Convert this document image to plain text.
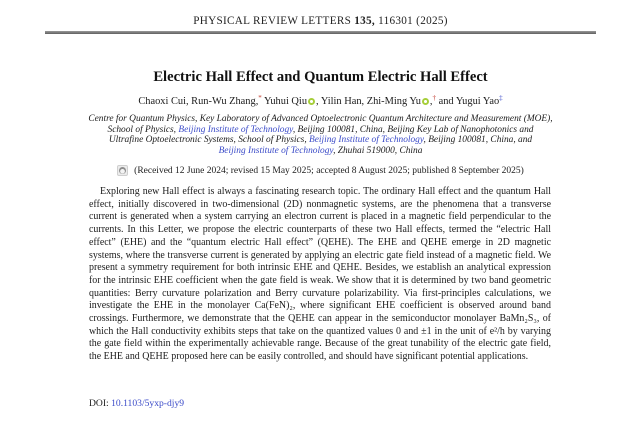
PHYSICAL REVIEW LETTERS 135, 116301 (2025)
Electric Hall Effect and Quantum Electric Hall Effect
Chaoxi Cui, Run-Wu Zhang,* Yuhui Qiu , Yilin Han, Zhi-Ming Yu ,† and Yugui Yao‡
Centre for Quantum Physics, Key Laboratory of Advanced Optoelectronic Quantum Architecture and Measurement (MOE),
School of Physics, Beijing Institute of Technology, Beijing 100081, China, Beijing Key Lab of Nanophotonics and
Ultrafine Optoelectronic Systems, School of Physics, Beijing Institute of Technology, Beijing 100081, China, and
Beijing Institute of Technology, Zhuhai 519000, China
(Received 12 June 2024; revised 15 May 2025; accepted 8 August 2025; published 8 September 2025)
Exploring new Hall effect is always a fascinating research topic. The ordinary Hall effect and the quantum Hall effect, initially discovered in two-dimensional (2D) nonmagnetic systems, are the phenomena that a transverse current is generated when a system carrying an electron current is placed in a magnetic field perpendicular to the currents. In this Letter, we propose the electric counterparts of these two Hall effects, termed the “electric Hall effect” (EHE) and the “quantum electric Hall effect” (QEHE). The EHE and QEHE emerge in 2D magnetic systems, where the transverse current is generated by applying an electric gate field instead of a magnetic field. We present a symmetry requirement for both intrinsic EHE and QEHE. Besides, we establish an analytical expression for the intrinsic EHE coefficient when the gate field is weak. We show that it is determined by two band geometric quantities: Berry curvature polarization and Berry curvature polarizability. Via first-principles calculations, we investigate the EHE in the monolayer Ca(FeN)₂, where significant EHE coefficient is observed around band crossings. Furthermore, we demonstrate that the QEHE can appear in the semiconductor monolayer BaMn₂S₃, of which the Hall conductivity exhibits steps that take on the quantized values 0 and ±1 in the unit of e²/h by varying the gate field within the experimentally achievable range. Because of the great tunability of the electric gate field, the EHE and QEHE proposed here can be easily controlled, and should have significant potential applications.
DOI: 10.1103/5yxp-djy9
